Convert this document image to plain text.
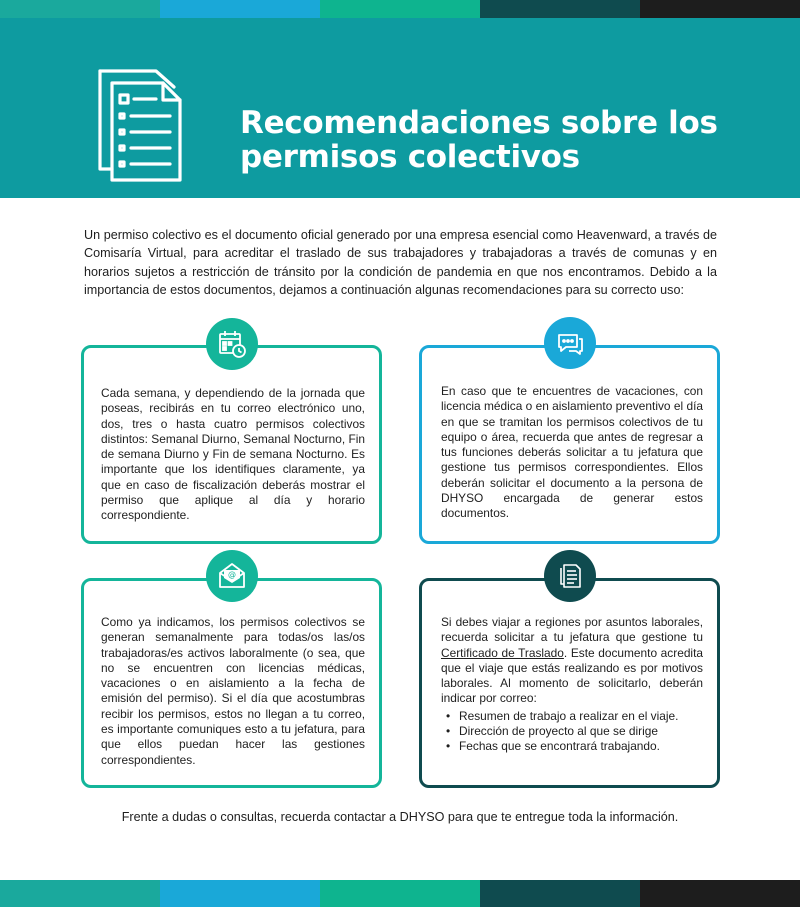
Recomendaciones sobre los permisos colectivos

Un permiso colectivo es el documento oficial generado por una empresa esencial como Heavenward, a través de Comisaría Virtual, para acreditar el traslado de sus trabajadores y trabajadoras a través de comunas y en horarios sujetos a restricción de tránsito por la condición de pandemia en que nos encontramos. Debido a la importancia de estos documentos, dejamos a continuación algunas recomendaciones para su correcto uso:

Cada semana, y dependiendo de la jornada que poseas, recibirás en tu correo electrónico uno, dos, tres o hasta cuatro permisos colectivos distintos: Semanal Diurno, Semanal Nocturno, Fin de semana Diurno y Fin de semana Nocturno. Es importante que los identifiques claramente, ya que en caso de fiscalización deberás mostrar el permiso que aplique al día y horario correspondiente.

En caso que te encuentres de vacaciones, con licencia médica o en aislamiento preventivo el día en que se tramitan los permisos colectivos de tu equipo o área, recuerda que antes de regresar a tus funciones deberás solicitar a tu jefatura que gestione tus permisos correspondientes. Ellos deberán solicitar el documento a la persona de DHYSO encargada de generar estos documentos.

Como ya indicamos, los permisos colectivos se generan semanalmente para todas/os las/os trabajadoras/es activos laboralmente (o sea, que no se encuentren con licencias médicas, vacaciones o en aislamiento a la fecha de emisión del permiso). Si el día que acostumbras recibir los permisos, estos no llegan a tu correo, es importante comuniques esto a tu jefatura, para que ellos puedan hacer las gestiones correspondientes.

@
Si debes viajar a regiones por asuntos laborales, recuerda solicitar a tu jefatura que gestione tu Certificado de Traslado. Este documento acredita que el viaje que estás realizando es por motivos laborales. Al momento de solicitarlo, deberán indicar por correo:
• Resumen de trabajo a realizar en el viaje.
• Dirección de proyecto al que se dirige
• Fechas que se encontrará trabajando.

Frente a dudas o consultas, recuerda contactar a DHYSO para que te entregue toda la información.
